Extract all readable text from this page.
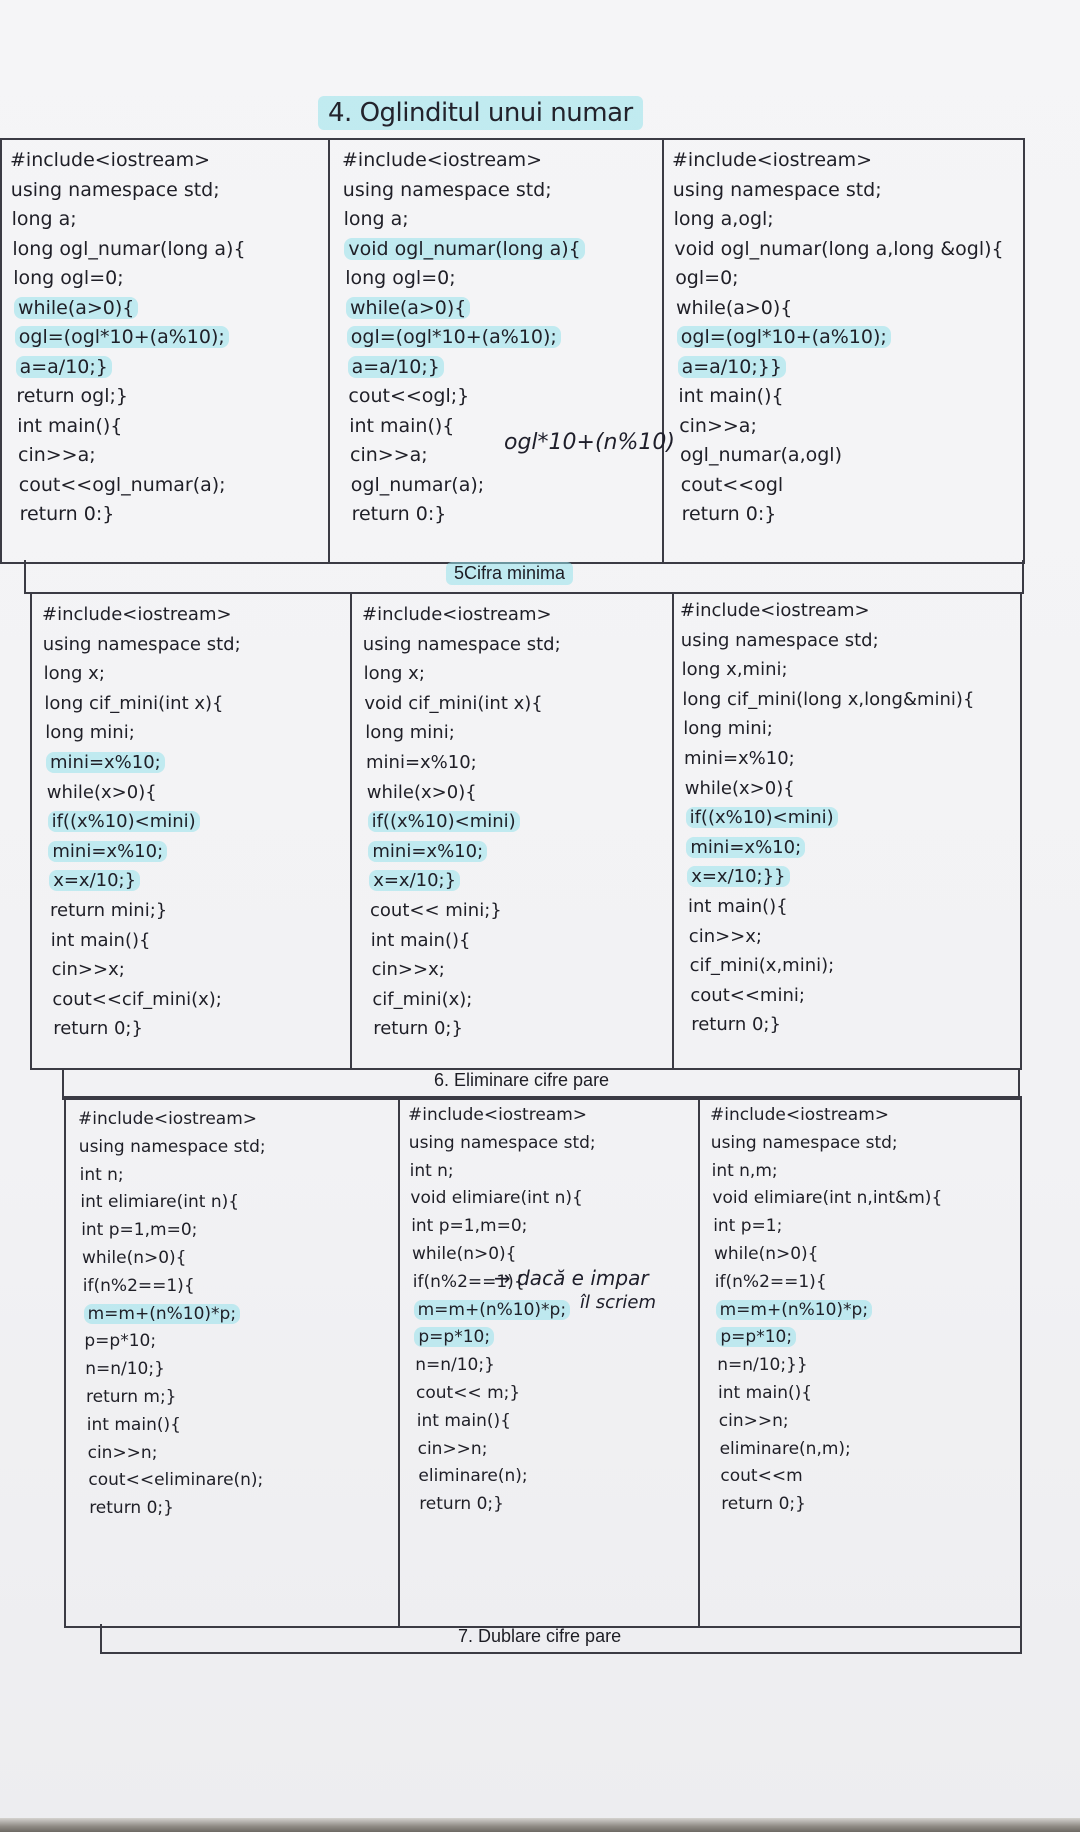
4. Oglinditul unui numar
#include<iostream>
using namespace std;
long a;
long ogl_numar(long a){
long ogl=0;
while(a>0){
ogl=(ogl*10+(a%10);
a=a/10;}
return ogl;}
int main(){
cin>>a;
cout<<ogl_numar(a);
return 0:}
#include<iostream>
using namespace std;
long a;
void ogl_numar(long a){
long ogl=0;
while(a>0){
ogl=(ogl*10+(a%10);
a=a/10;}
cout<<ogl;}
int main(){
cin>>a;
ogl_numar(a);
return 0:}
#include<iostream>
using namespace std;
long a,ogl;
void ogl_numar(long a,long &ogl){
ogl=0;
while(a>0){
ogl=(ogl*10+(a%10);
a=a/10;}}
int main(){
cin>>a;
ogl_numar(a,ogl)
cout<<ogl
return 0:}
ogl*10+(n%10)
5Cifra minima
#include<iostream>
using namespace std;
long x;
long cif_mini(int x){
long mini;
mini=x%10;
while(x>0){
if((x%10)<mini)
mini=x%10;
x=x/10;}
return mini;}
int main(){
cin>>x;
cout<<cif_mini(x);
return 0;}
#include<iostream>
using namespace std;
long x;
void cif_mini(int x){
long mini;
mini=x%10;
while(x>0){
if((x%10)<mini)
mini=x%10;
x=x/10;}
cout<< mini;}
int main(){
cin>>x;
cif_mini(x);
return 0;}
#include<iostream>
using namespace std;
long x,mini;
long cif_mini(long x,long&mini){
long mini;
mini=x%10;
while(x>0){
if((x%10)<mini)
mini=x%10;
x=x/10;}}
int main(){
cin>>x;
cif_mini(x,mini);
cout<<mini;
return 0;}
6. Eliminare cifre pare
#include<iostream>
using namespace std;
int n;
int elimiare(int n){
int p=1,m=0;
while(n>0){
if(n%2==1){
m=m+(n%10)*p;
p=p*10;
n=n/10;}
return m;}
int main(){
cin>>n;
cout<<eliminare(n);
return 0;}
#include<iostream>
using namespace std;
int n;
void elimiare(int n){
int p=1,m=0;
while(n>0){
if(n%2==1){
m=m+(n%10)*p;
p=p*10;
n=n/10;}
cout<< m;}
int main(){
cin>>n;
eliminare(n);
return 0;}
#include<iostream>
using namespace std;
int n,m;
void elimiare(int n,int&m){
int p=1;
while(n>0){
if(n%2==1){
m=m+(n%10)*p;
p=p*10;
n=n/10;}}
int main(){
cin>>n;
eliminare(n,m);
cout<<m
return 0;}
→ dacă e impar
îl scriem
7. Dublare cifre pare
